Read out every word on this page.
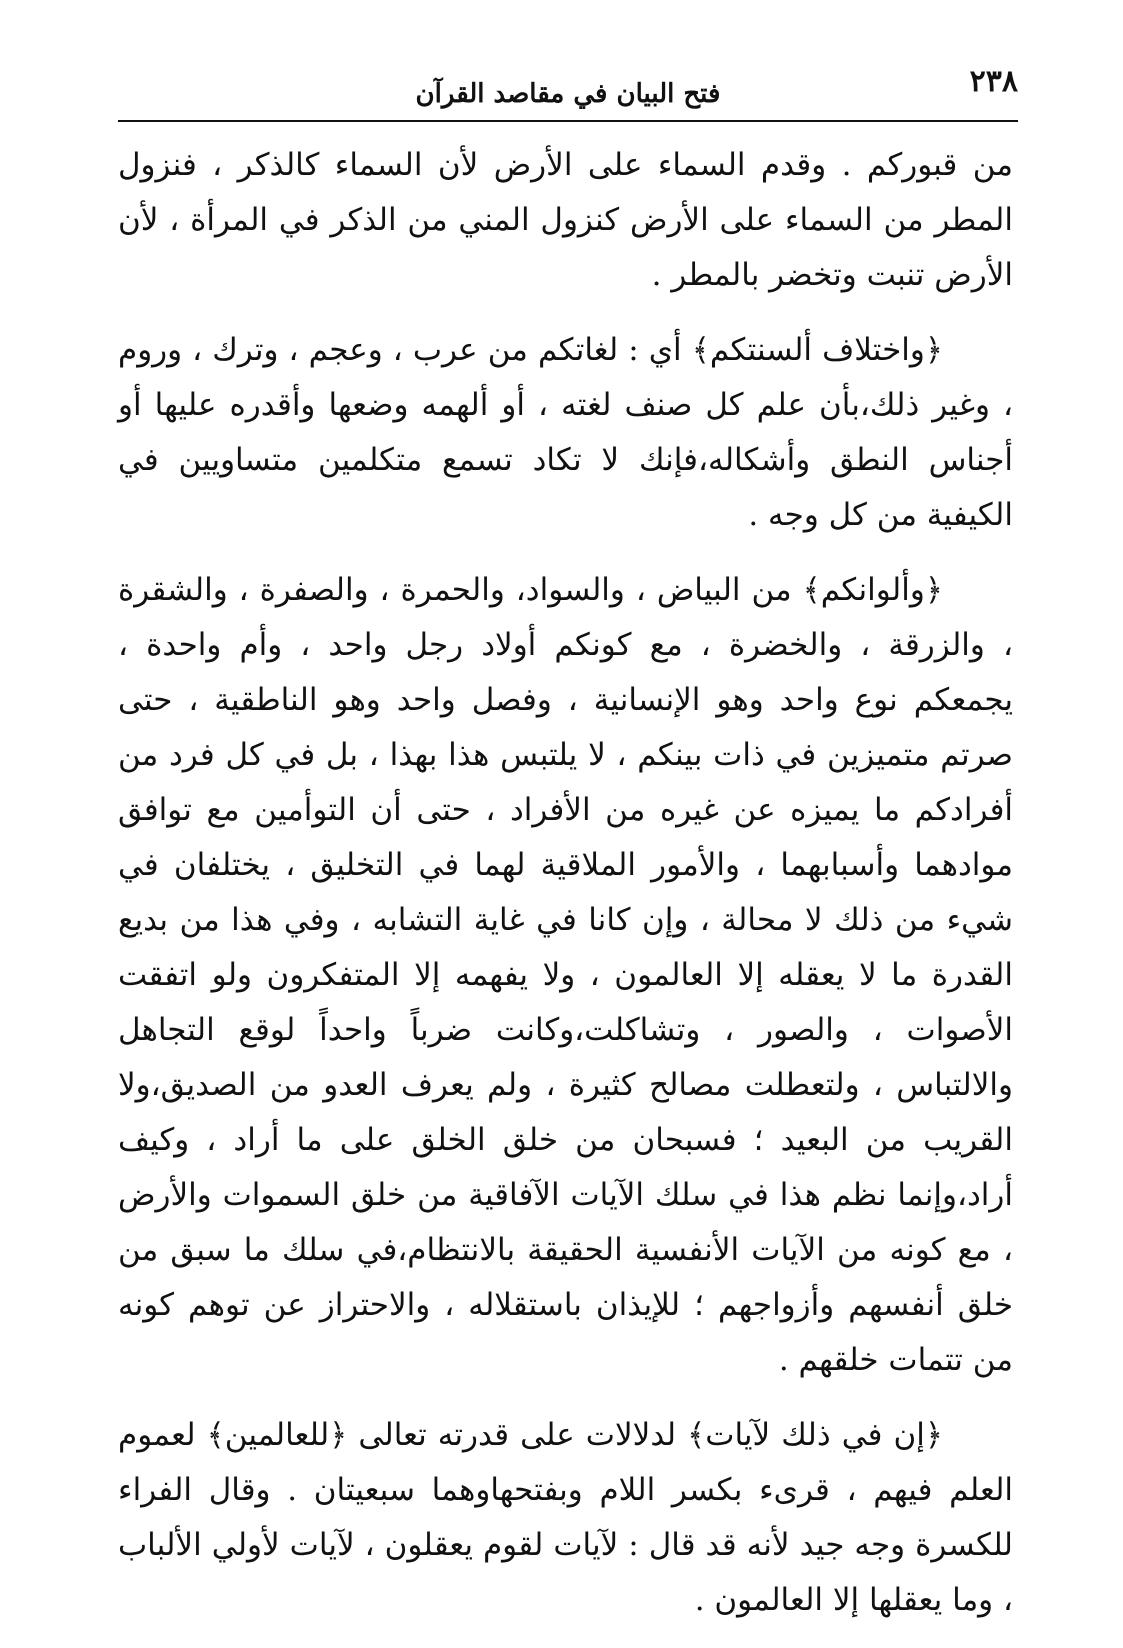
٢٣٨
فتح البيان في مقاصد القرآن

من قبوركم . وقدم السماء على الأرض لأن السماء كالذكر ، فنزول المطر من السماء على الأرض كنزول المني من الذكر في المرأة ، لأن الأرض تنبت وتخضر بالمطر .

﴿واختلاف ألسنتكم﴾ أي : لغاتكم من عرب ، وعجم ، وترك ، وروم ، وغير ذلك،بأن علم كل صنف لغته ، أو ألهمه وضعها وأقدره عليها أو أجناس النطق وأشكاله،فإنك لا تكاد تسمع متكلمين متساويين في الكيفية من كل وجه .

﴿وألوانكم﴾ من البياض ، والسواد، والحمرة ، والصفرة ، والشقرة ، والزرقة ، والخضرة ، مع كونكم أولاد رجل واحد ، وأم واحدة ، يجمعكم نوع واحد وهو الإنسانية ، وفصل واحد وهو الناطقية ، حتى صرتم متميزين في ذات بينكم ، لا يلتبس هذا بهذا ، بل في كل فرد من أفرادكم ما يميزه عن غيره من الأفراد ، حتى أن التوأمين مع توافق موادهما وأسبابهما ، والأمور الملاقية لهما في التخليق ، يختلفان في شيء من ذلك لا محالة ، وإن كانا في غاية التشابه ، وفي هذا من بديع القدرة ما لا يعقله إلا العالمون ، ولا يفهمه إلا المتفكرون ولو اتفقت الأصوات ، والصور ، وتشاكلت،وكانت ضرباً واحداً لوقع التجاهل والالتباس ، ولتعطلت مصالح كثيرة ، ولم يعرف العدو من الصديق،ولا القريب من البعيد ؛ فسبحان من خلق الخلق على ما أراد ، وكيف أراد،وإنما نظم هذا في سلك الآيات الآفاقية من خلق السموات والأرض ، مع كونه من الآيات الأنفسية الحقيقة بالانتظام،في سلك ما سبق من خلق أنفسهم وأزواجهم ؛ للإيذان باستقلاله ، والاحتراز عن توهم كونه من تتمات خلقهم .

﴿إن في ذلك لآيات﴾ لدلالات على قدرته تعالى ﴿للعالمين﴾ لعموم العلم فيهم ، قرىء بكسر اللام وبفتحهاوهما سبعيتان . وقال الفراء للكسرة وجه جيد لأنه قد قال : لآيات لقوم يعقلون ، لآيات لأولي الألباب ، وما يعقلها إلا العالمون .
